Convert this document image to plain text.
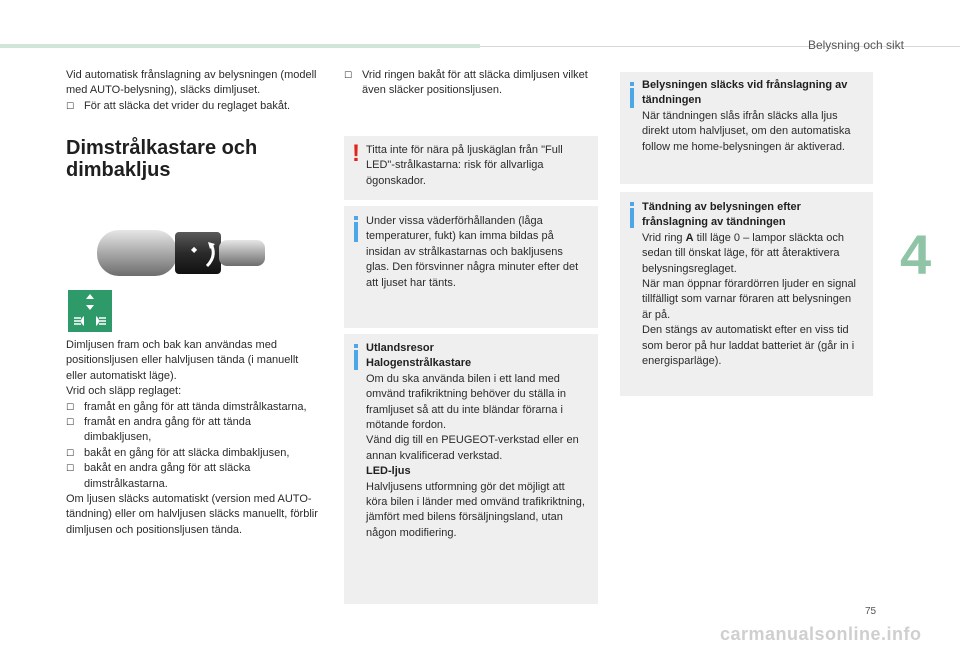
Belysning och sikt
4

Vid automatisk frånslagning av belysningen (modell med AUTO-belysning), släcks dimljuset.

☐ För att släcka det vrider du reglaget bakåt.

Dimstrålkastare och
dimbakljus
◆

Dimljusen fram och bak kan användas med positionsljusen eller halvljusen tända (i manuellt eller automatiskt läge).

Vrid och släpp reglaget:

☐ framåt en gång för att tända dimstrålkastarna,

☐ framåt en andra gång för att tända dimbakljusen,

☐ bakåt en gång för att släcka dimbakljusen,

☐ bakåt en andra gång för att släcka dimstrålkastarna.

Om ljusen släcks automatiskt (version med AUTO-tändning) eller om halvljusen släcks manuellt, förblir dimljusen och positionsljusen tända.

☐ Vrid ringen bakåt för att släcka dimljusen vilket även släcker positionsljusen.

! Titta inte för nära på ljuskäglan från "Full LED"-strålkastarna: risk för allvarliga ögonskador.
Under vissa väderförhållanden (låga temperaturer, fukt) kan imma bildas på insidan av strålkastarnas och bakljusens glas. Den försvinner några minuter efter det att ljuset har tänts.

Utlandsresor

Halogenstrålkastare

Om du ska använda bilen i ett land med omvänd trafikriktning behöver du ställa in framljuset så att du inte bländar förarna i mötande fordon.

Vänd dig till en PEUGEOT-verkstad eller en annan kvalificerad verkstad.

LED-ljus

Halvljusens utformning gör det möjligt att köra bilen i länder med omvänd trafikriktning, jämfört med bilens försäljningsland, utan någon modifiering.

Belysningen släcks vid frånslagning av tändningen

När tändningen slås ifrån släcks alla ljus direkt utom halvljuset, om den automatiska follow me home-belysningen är aktiverad.

Tändning av belysningen efter frånslagning av tändningen

Vrid ring A till läge 0 – lampor släckta och sedan till önskat läge, för att återaktivera belysningsreglaget.

När man öppnar förardörren ljuder en signal tillfälligt som varnar föraren att belysningen är på.

Den stängs av automatiskt efter en viss tid som beror på hur laddat batteriet är (går in i energisparläge).

75
carmanualsonline.info
